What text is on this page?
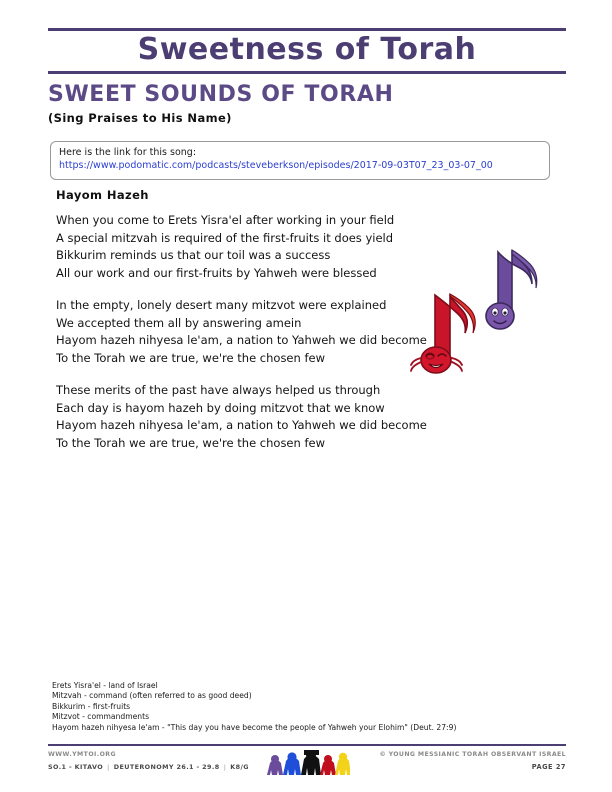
Sweetness of Torah
SWEET SOUNDS OF TORAH
(Sing Praises to His Name)
Here is the link for this song:
https://www.podomatic.com/podcasts/steveberkson/episodes/2017-09-03T07_23_03-07_00
Hayom Hazeh
When you come to Erets Yisra'el after working in your field
A special mitzvah is required of the first-fruits it does yield
Bikkurim reminds us that our toil was a success
All our work and our first-fruits by Yahweh were blessed
In the empty, lonely desert many mitzvot were explained
We accepted them all by answering amein
Hayom hazeh nihyesa le'am, a nation to Yahweh we did become
To the Torah we are true, we're the chosen few
These merits of the past have always helped us through
Each day is hayom hazeh by doing mitzvot that we know
Hayom hazeh nihyesa le'am, a nation to Yahweh we did become
To the Torah we are true, we're the chosen few
Erets Yisra'el - land of Israel
Mitzvah - command (often referred to as good deed)
Bikkurim - first-fruits
Mitzvot - commandments
Hayom hazeh nihyesa le'am - "This day you have become the people of Yahweh your Elohim" (Deut. 27:9)
WWW.YMTOI.ORG
SO.1 - KITAVO | DEUTERONOMY 26.1 - 29.8 | K8/G
© YOUNG MESSIANIC TORAH OBSERVANT ISRAEL
PAGE 27
